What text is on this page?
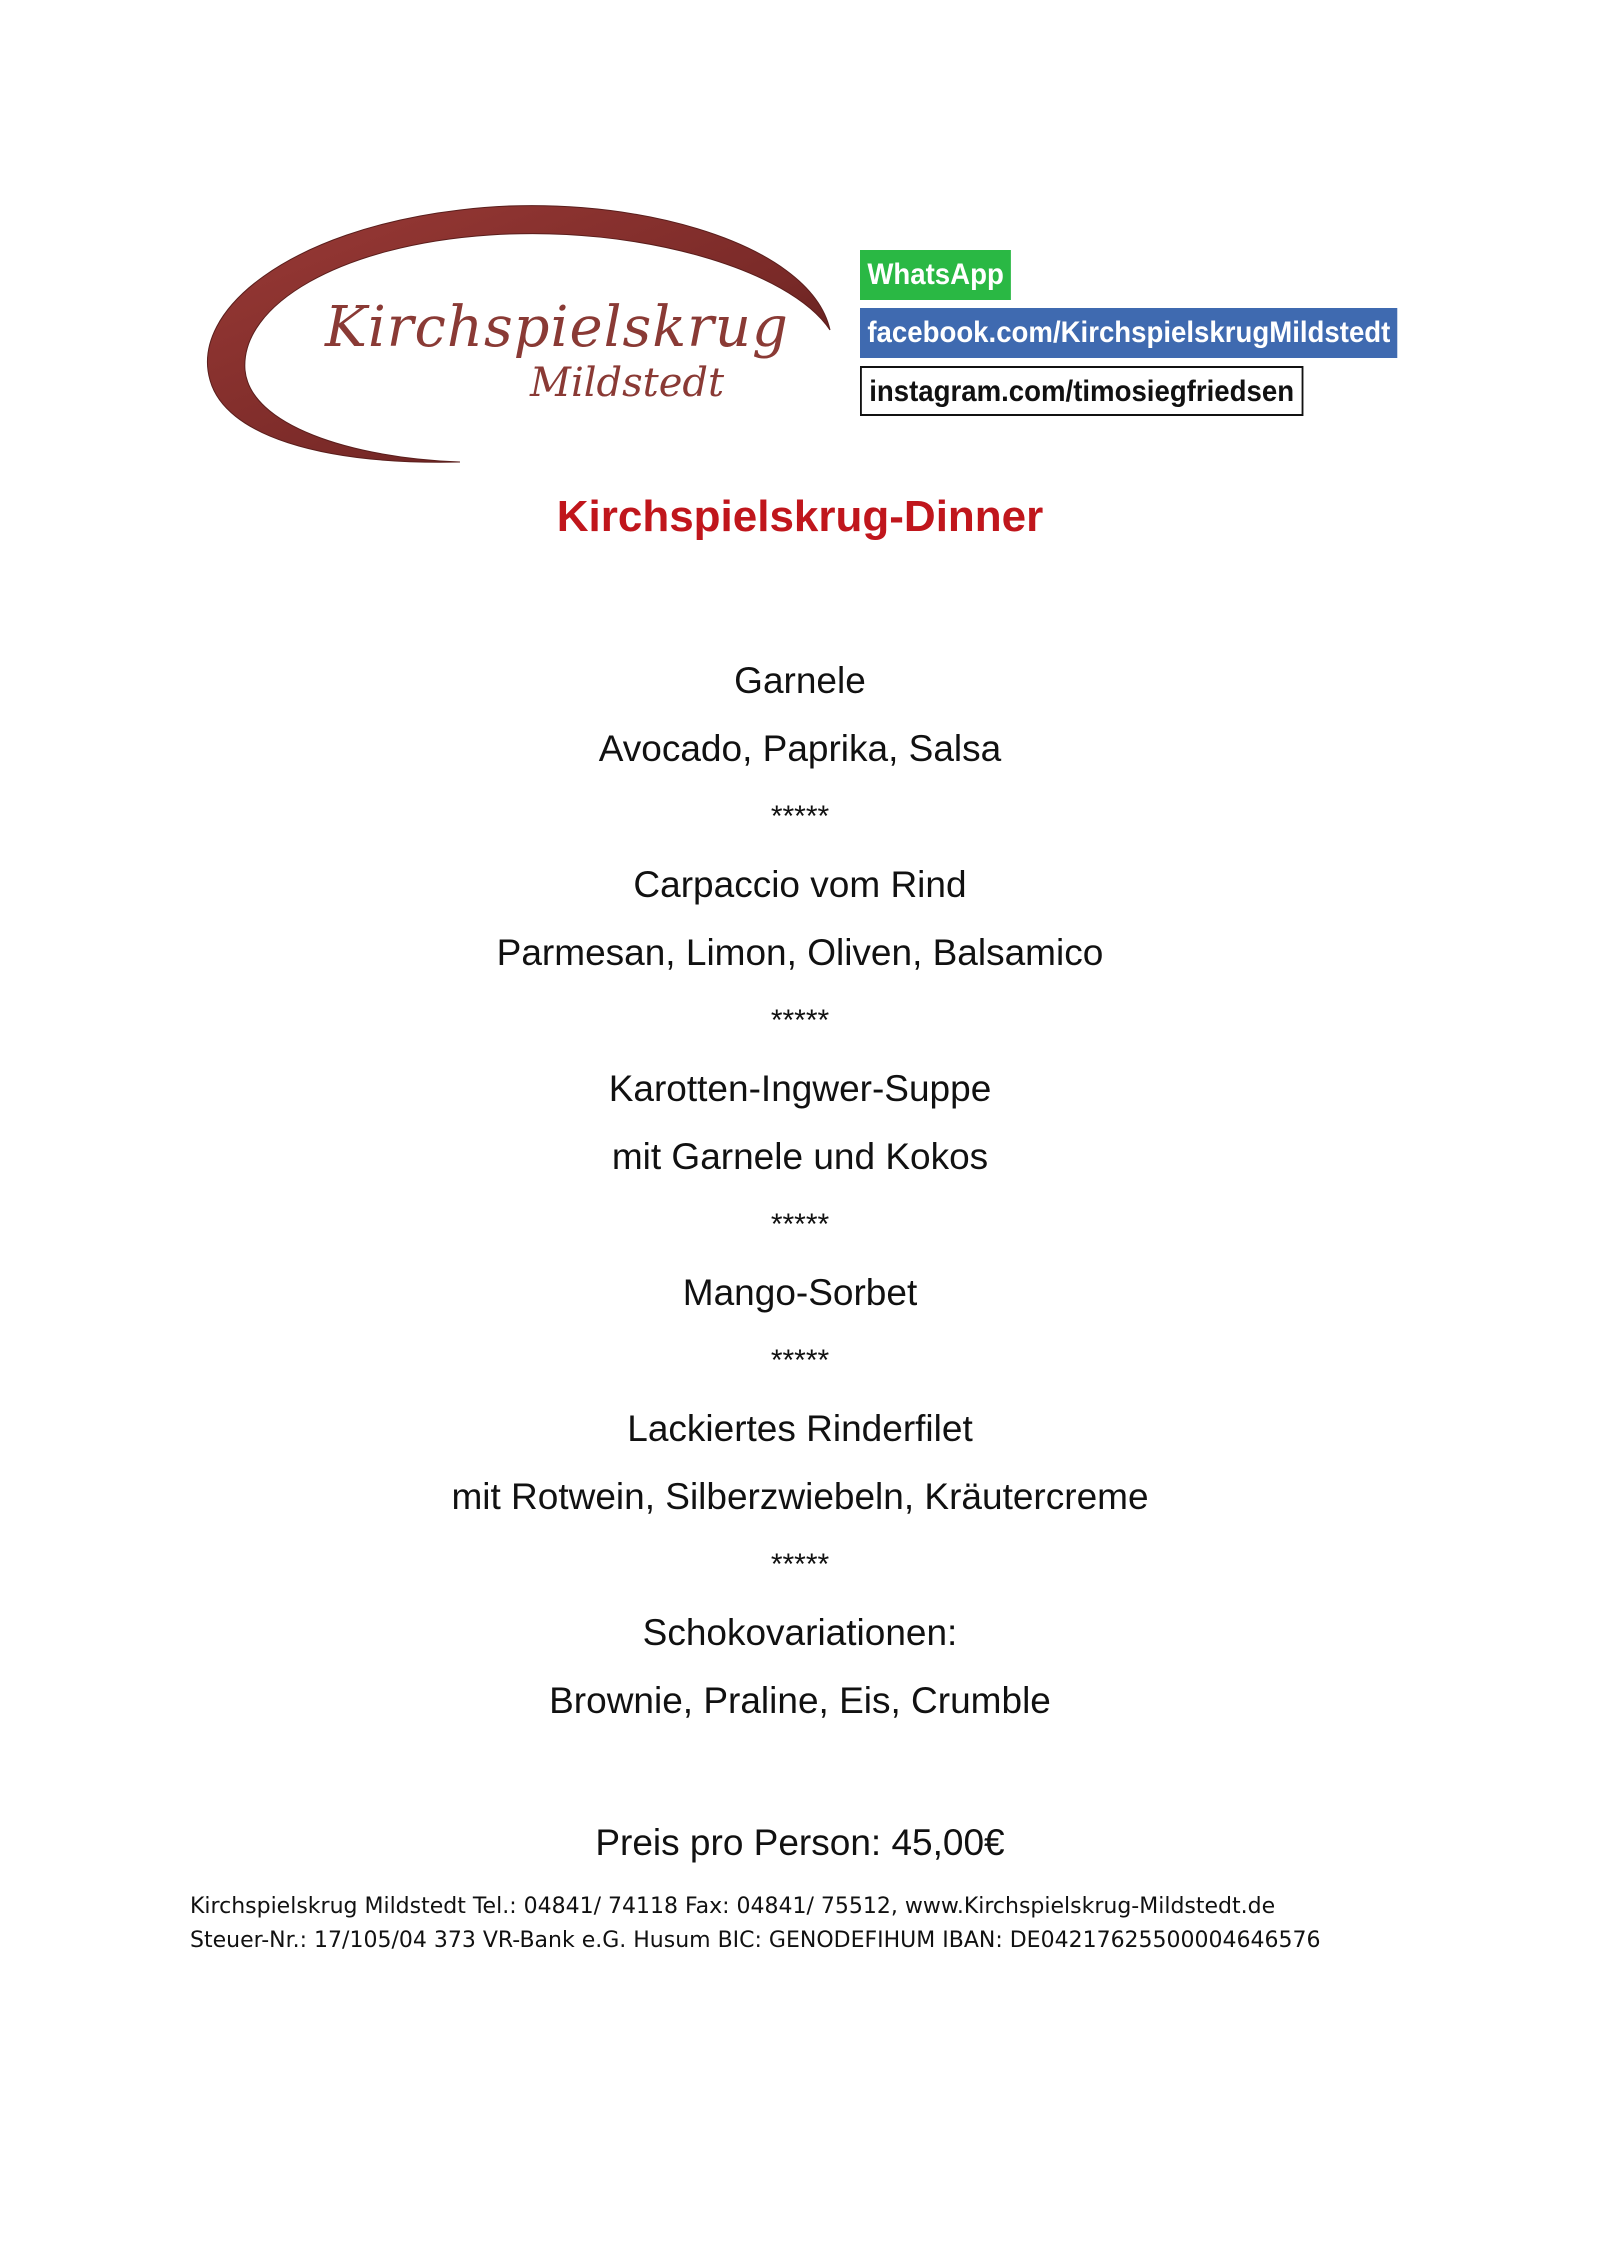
Kirchspielskrug
Mildstedt
WhatsApp
facebook.com/KirchspielskrugMildstedt
instagram.com/timosiegfriedsen
Kirchspielskrug-Dinner
Garnele
Avocado, Paprika, Salsa
*****
Carpaccio vom Rind
Parmesan, Limon, Oliven, Balsamico
*****
Karotten-Ingwer-Suppe
mit Garnele und Kokos
*****
Mango-Sorbet
*****
Lackiertes Rinderfilet
mit Rotwein, Silberzwiebeln, Kräutercreme
*****
Schokovariationen:
Brownie, Praline, Eis, Crumble
Preis pro Person: 45,00€
Kirchspielskrug Mildstedt Tel.: 04841/ 74118 Fax: 04841/ 75512, www.Kirchspielskrug-Mildstedt.de
Steuer-Nr.: 17/105/04 373 VR-Bank e.G. Husum BIC: GENODEFIHUM IBAN: DE04217625500004646576
